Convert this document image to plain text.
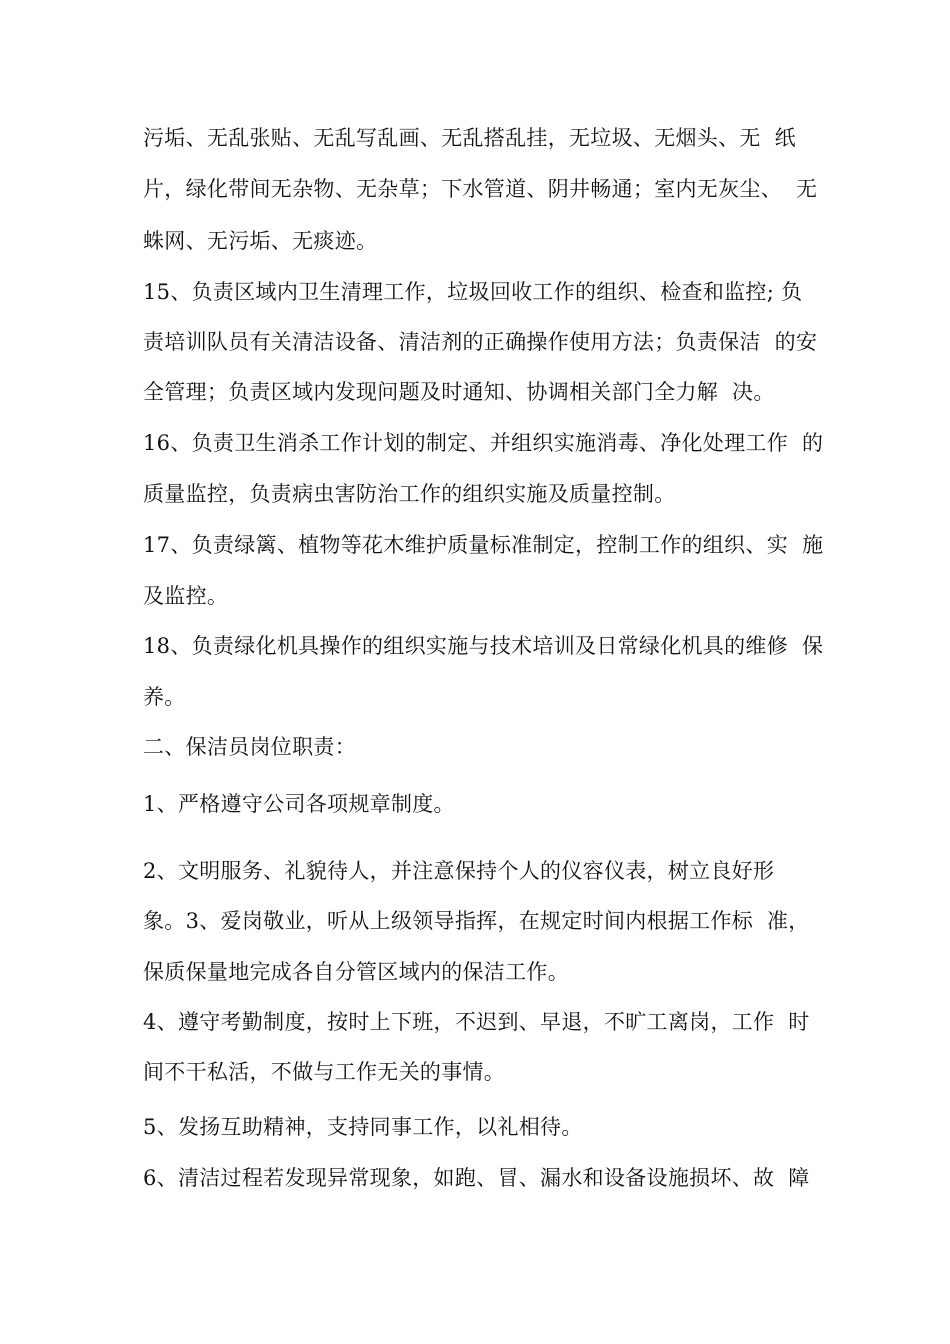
污垢、无乱张贴、无乱写乱画、无乱搭乱挂，无垃圾、无烟头、无  纸
片，绿化带间无杂物、无杂草；下水管道、阴井畅通；室内无灰尘、  无
蛛网、无污垢、无痰迹。
15、负责区域内卫生清理工作，垃圾回收工作的组织、检查和监控; 负
责培训队员有关清洁设备、清洁剂的正确操作使用方法；负责保洁  的安
全管理；负责区域内发现问题及时通知、协调相关部门全力解  决。
16、负责卫生消杀工作计划的制定、并组织实施消毒、净化处理工作  的
质量监控，负责病虫害防治工作的组织实施及质量控制。
17、负责绿篱、植物等花木维护质量标准制定，控制工作的组织、实  施
及监控。
18、负责绿化机具操作的组织实施与技术培训及日常绿化机具的维修  保
养。
二、保洁员岗位职责：
1、严格遵守公司各项规章制度。
2、文明服务、礼貌待人，并注意保持个人的仪容仪表，树立良好形
象。3、爱岗敬业，听从上级领导指挥，在规定时间内根据工作标  准，
保质保量地完成各自分管区域内的保洁工作。
4、遵守考勤制度，按时上下班，不迟到、早退，不旷工离岗，工作  时
间不干私活，不做与工作无关的事情。
5、发扬互助精神，支持同事工作，以礼相待。
6、清洁过程若发现异常现象，如跑、冒、漏水和设备设施损坏、故  障
